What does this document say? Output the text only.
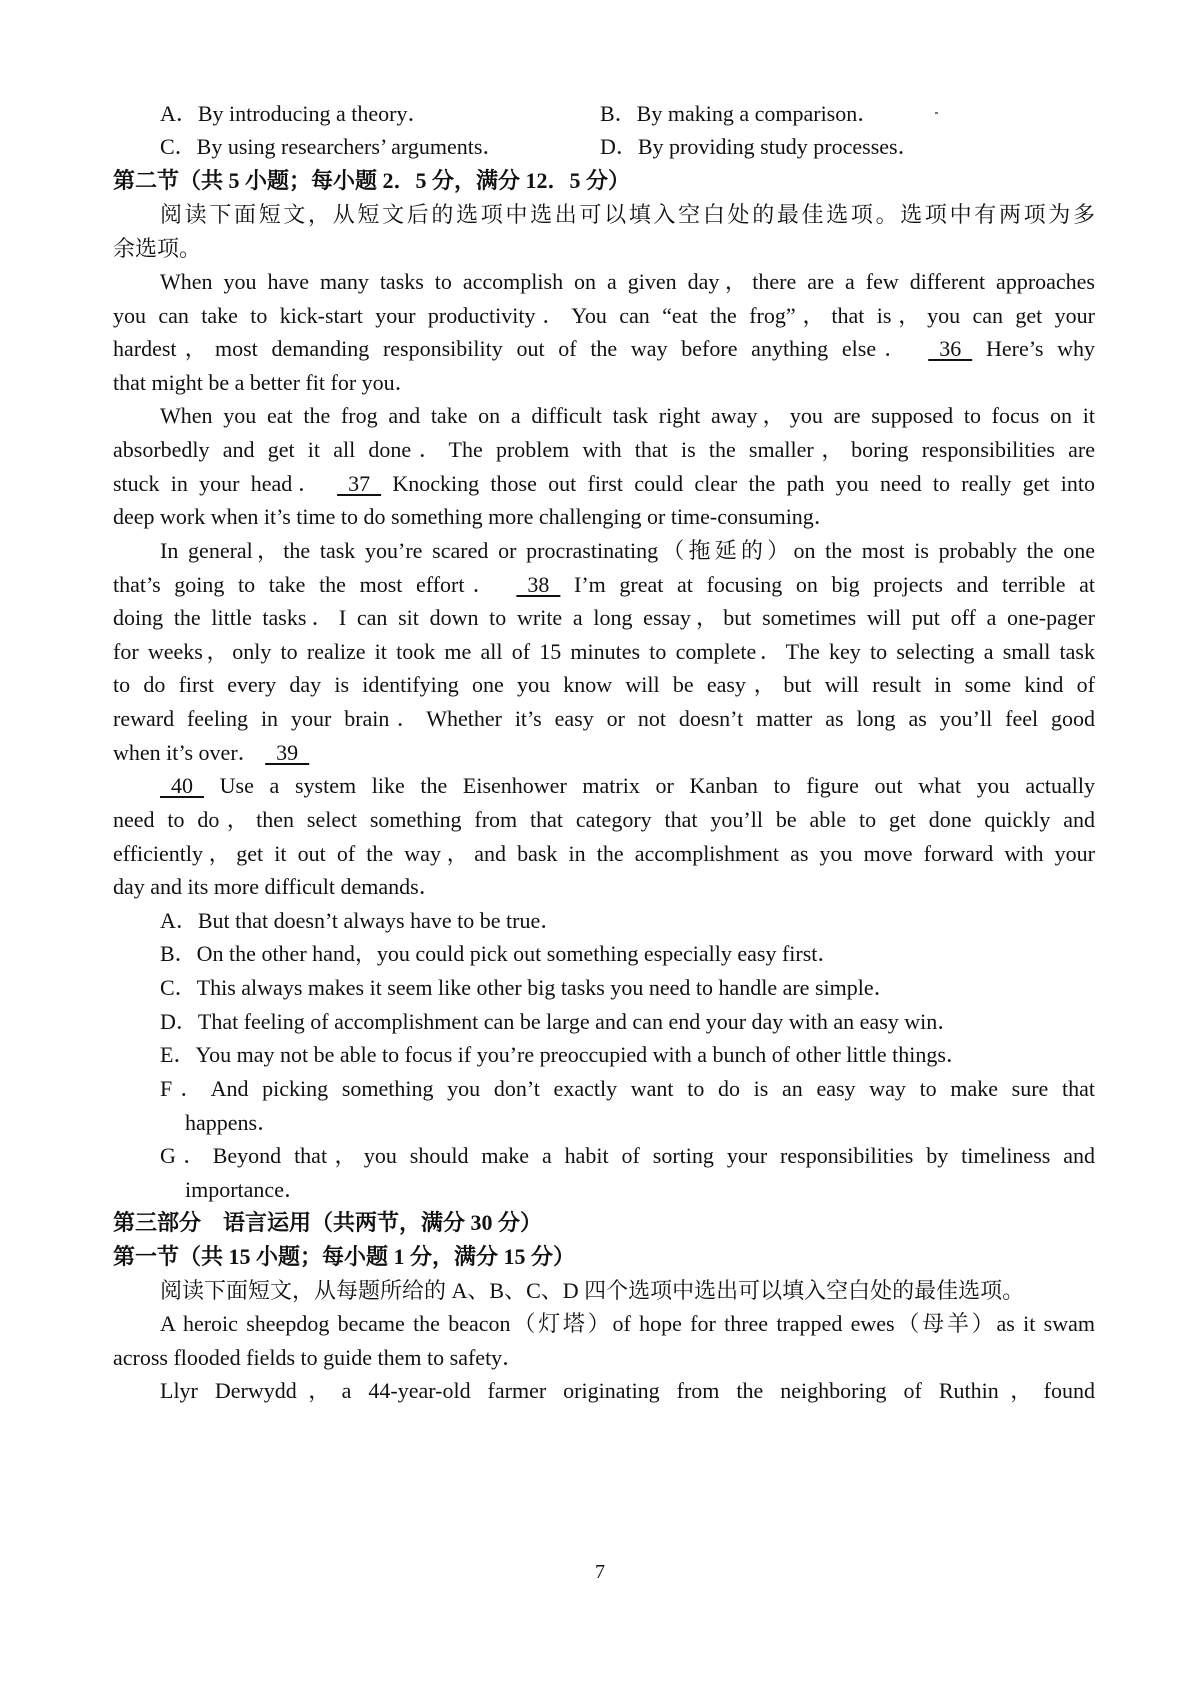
A．By introducing a theory．	B．By making a comparison．
C．By using researchers’ arguments．	D．By providing study processes．
第二节（共 5 小题；每小题 2．5 分，满分 12．5 分）
阅读下面短文，从短文后的选项中选出可以填入空白处的最佳选项。选项中有两项为多
余选项。
When you have many tasks to accomplish on a given day，there are a few different approaches
you can take to kick-start your productivity．You can “eat the frog”，that is，you can get your
hardest，most demanding responsibility out of the way before anything else．   36   Here’s why
that might be a better fit for you．
When you eat the frog and take on a difficult task right away，you are supposed to focus on it
absorbedly and get it all done．The problem with that is the smaller，boring responsibilities are
stuck in your head．   37   Knocking those out first could clear the path you need to really get into
deep work when it’s time to do something more challenging or time-consuming．
In general，the task you’re scared or procrastinating（拖延的）on the most is probably the one
that’s going to take the most effort．   38   I’m great at focusing on big projects and terrible at
doing the little tasks．I can sit down to write a long essay，but sometimes will put off a one-pager
for weeks，only to realize it took me all of 15 minutes to complete．The key to selecting a small task
to do first every day is identifying one you know will be easy，but will result in some kind of
reward feeling in your brain．Whether it’s easy or not doesn’t matter as long as you’ll feel good
when it’s over．   39
40   Use a system like the Eisenhower matrix or Kanban to figure out what you actually
need to do，then select something from that category that you’ll be able to get done quickly and
efficiently，get it out of the way，and bask in the accomplishment as you move forward with your
day and its more difficult demands．
A．But that doesn’t always have to be true．
B．On the other hand，you could pick out something especially easy first．
C．This always makes it seem like other big tasks you need to handle are simple．
D．That feeling of accomplishment can be large and can end your day with an easy win．
E．You may not be able to focus if you’re preoccupied with a bunch of other little things．
F．And picking something you don’t exactly want to do is an easy way to make sure that
happens．
G．Beyond that，you should make a habit of sorting your responsibilities by timeliness and
importance．
第三部分　语言运用（共两节，满分 30 分）
第一节（共 15 小题；每小题 1 分，满分 15 分）
阅读下面短文，从每题所给的 A、B、C、D 四个选项中选出可以填入空白处的最佳选项。
A heroic sheepdog became the beacon（灯塔）of hope for three trapped ewes（母羊）as it swam
across flooded fields to guide them to safety．
Llyr Derwydd，a 44-year-old farmer originating from the neighboring of Ruthin，found
7
